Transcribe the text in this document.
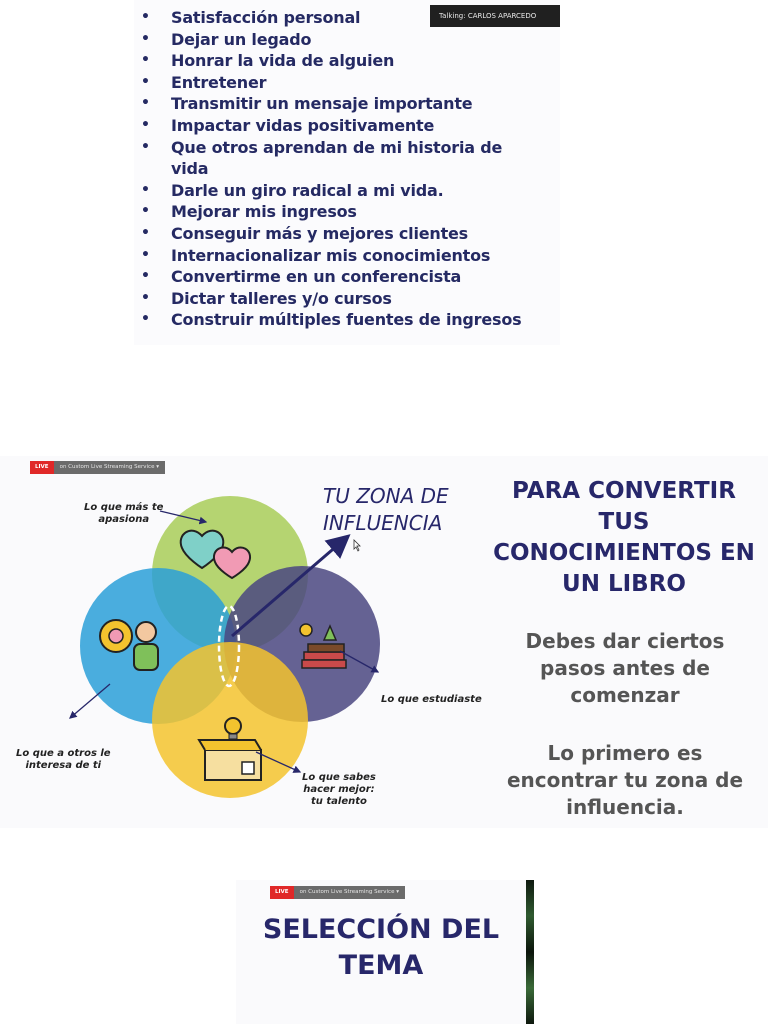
• Satisfacción personal
• Dejar un legado
• Honrar la vida de alguien
• Entretener
• Transmitir un mensaje importante
• Impactar vidas positivamente
• Que otros aprendan de mi historia de vida
• Darle un giro radical a mi vida.
• Mejorar mis ingresos
• Conseguir más y mejores clientes
• Internacionalizar mis conocimientos
• Convertirme en un conferencista
• Dictar talleres y/o cursos
• Construir múltiples fuentes de ingresos
Talking: CARLOS APARCEDO
LIVE	on Custom Live Streaming Service ▾
Lo que más te
apasiona
Lo que estudiaste
Lo que a otros le
interesa de ti
Lo que sabes
hacer mejor:
tu talento
TU ZONA DE
INFLUENCIA
PARA CONVERTIR
TUS
CONOCIMIENTOS EN
UN LIBRO
Debes dar ciertos
pasos antes de
comenzar
Lo primero es
encontrar tu zona de
influencia.
LIVE	on Custom Live Streaming Service ▾
SELECCIÓN DEL
TEMA
